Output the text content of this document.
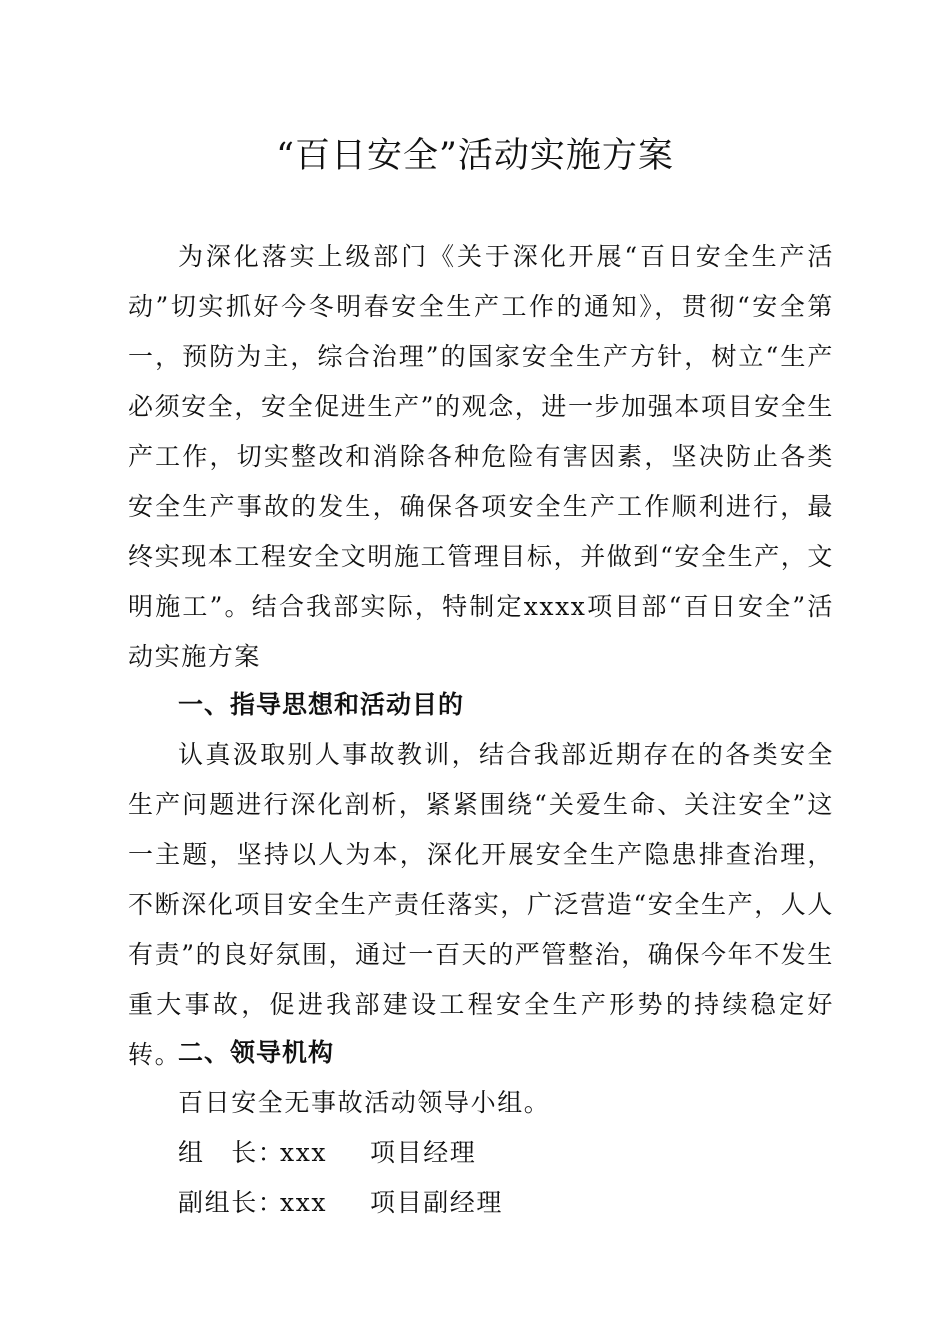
“百日安全”活动实施方案

为深化落实上级部门《关于深化开展“百日安全生产活动”切实抓好今冬明春安全生产工作的通知》，贯彻“安全第一，预防为主，综合治理”的国家安全生产方针，树立“生产必须安全，安全促进生产”的观念，进一步加强本项目安全生产工作，切实整改和消除各种危险有害因素，坚决防止各类安全生产事故的发生，确保各项安全生产工作顺利进行，最终实现本工程安全文明施工管理目标，并做到“安全生产，文明施工”。结合我部实际，特制定xxxx项目部“百日安全”活动实施方案

一、指导思想和活动目的

认真汲取别人事故教训，结合我部近期存在的各类安全生产问题进行深化剖析，紧紧围绕“关爱生命、关注安全”这一主题，坚持以人为本，深化开展安全生产隐患排查治理，不断深化项目安全生产责任落实，广泛营造“安全生产，人人有责”的良好氛围，通过一百天的严管整治，确保今年不发生重大事故，促进我部建设工程安全生产形势的持续稳定好转。

二、领导机构

百日安全无事故活动领导小组。

组　长：xxx 项目经理
副组长：xxx 项目副经理
